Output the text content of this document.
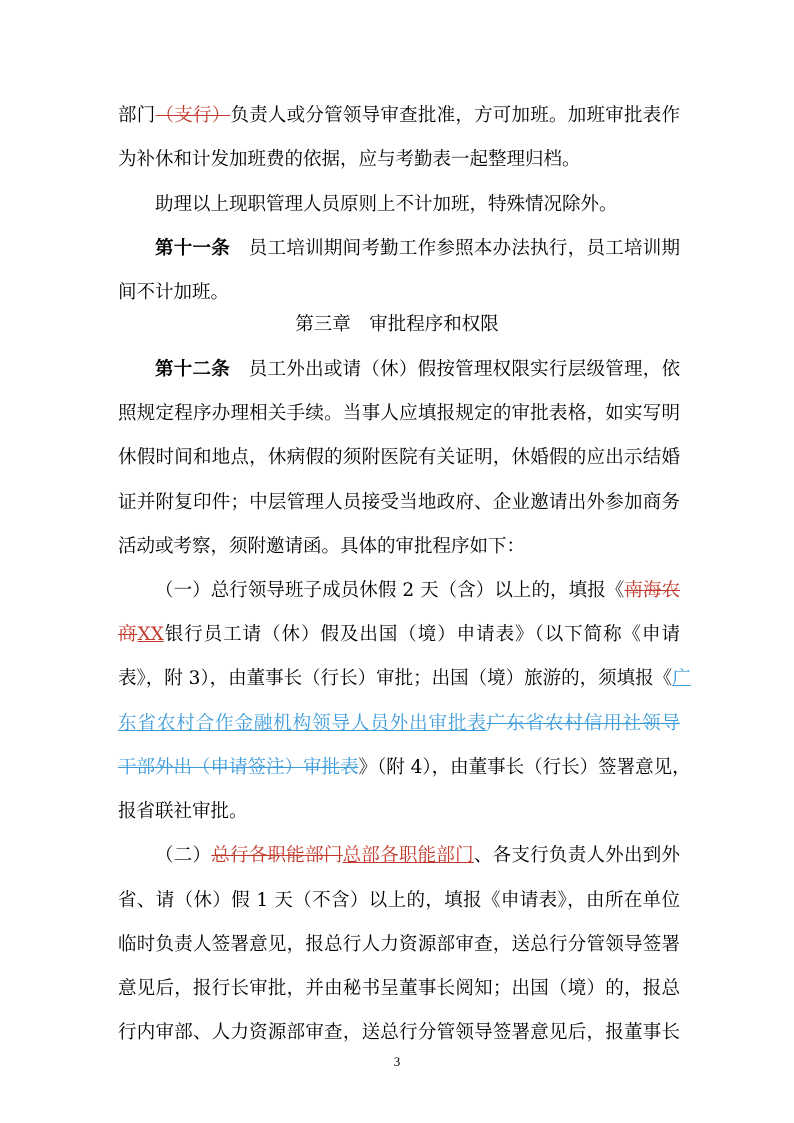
部门（支行）负责人或分管领导审查批准，方可加班。加班审批表作
为补休和计发加班费的依据，应与考勤表一起整理归档。
助理以上现职管理人员原则上不计加班，特殊情况除外。
第十一条　员工培训期间考勤工作参照本办法执行，员工培训期
间不计加班。
第三章　审批程序和权限
第十二条　员工外出或请（休）假按管理权限实行层级管理，依
照规定程序办理相关手续。当事人应填报规定的审批表格，如实写明
休假时间和地点，休病假的须附医院有关证明，休婚假的应出示结婚
证并附复印件；中层管理人员接受当地政府、企业邀请出外参加商务
活动或考察，须附邀请函。具体的审批程序如下：
（一）总行领导班子成员休假 2 天（含）以上的，填报《南海农
商XX银行员工请（休）假及出国（境）申请表》（以下简称《申请
表》，附 3），由董事长（行长）审批；出国（境）旅游的，须填报《广
东省农村合作金融机构领导人员外出审批表广东省农村信用社领导
干部外出（申请签注）审批表》（附 4），由董事长（行长）签署意见，
报省联社审批。
（二）总行各职能部门总部各职能部门、各支行负责人外出到外
省、请（休）假 1 天（不含）以上的，填报《申请表》，由所在单位
临时负责人签署意见，报总行人力资源部审查，送总行分管领导签署
意见后，报行长审批，并由秘书呈董事长阅知；出国（境）的，报总
行内审部、人力资源部审查，送总行分管领导签署意见后，报董事长
3
